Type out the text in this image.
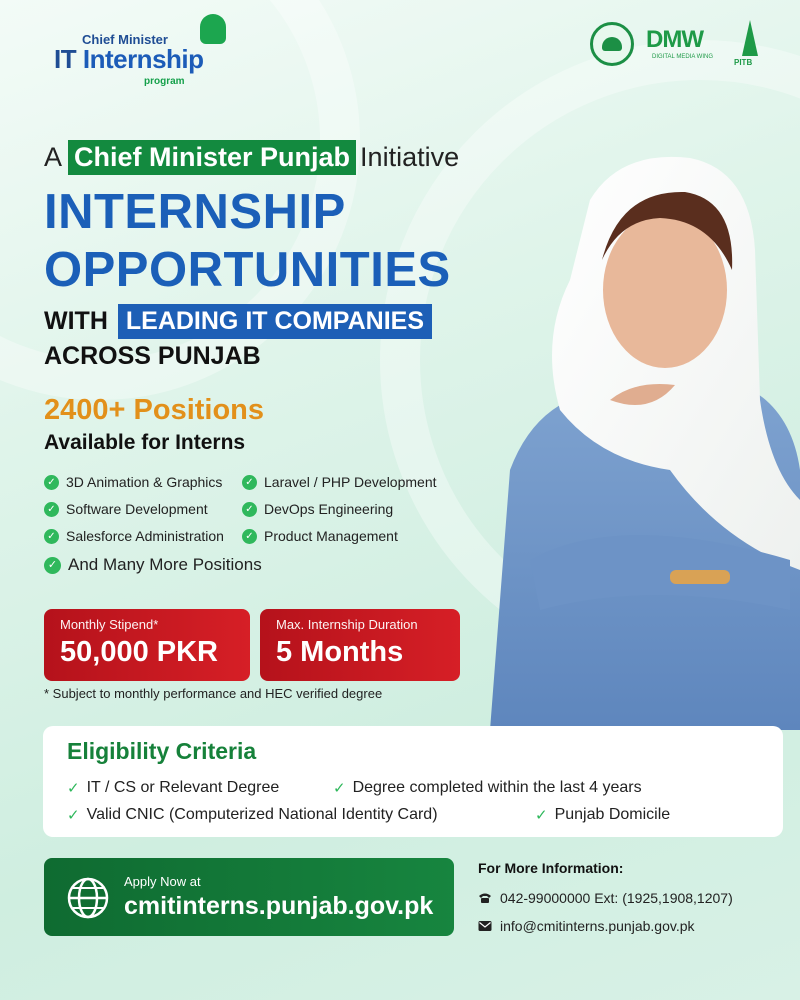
Chief Minister
IT Internship
program
DMW
DIGITAL MEDIA WING
PITB
A Chief Minister Punjab Initiative
INTERNSHIP
OPPORTUNITIES
WITH LEADING IT COMPANIES
ACROSS PUNJAB
2400+ Positions
Available for Interns
✓ 3D Animation & Graphics	✓ Laravel / PHP Development
✓ Software Development	✓ DevOps Engineering
✓ Salesforce Administration	✓ Product Management
✓ And Many More Positions
Monthly Stipend*
50,000 PKR
Max. Internship Duration
5 Months
* Subject to monthly performance and HEC verified degree
Eligibility Criteria
✓ IT / CS or Relevant Degree	✓ Degree completed within the last 4 years
✓ Valid CNIC (Computerized National Identity Card)	✓ Punjab Domicile
Apply Now at
cmitinterns.punjab.gov.pk
For More Information:
042-99000000 Ext: (1925,1908,1207)
info@cmitinterns.punjab.gov.pk
